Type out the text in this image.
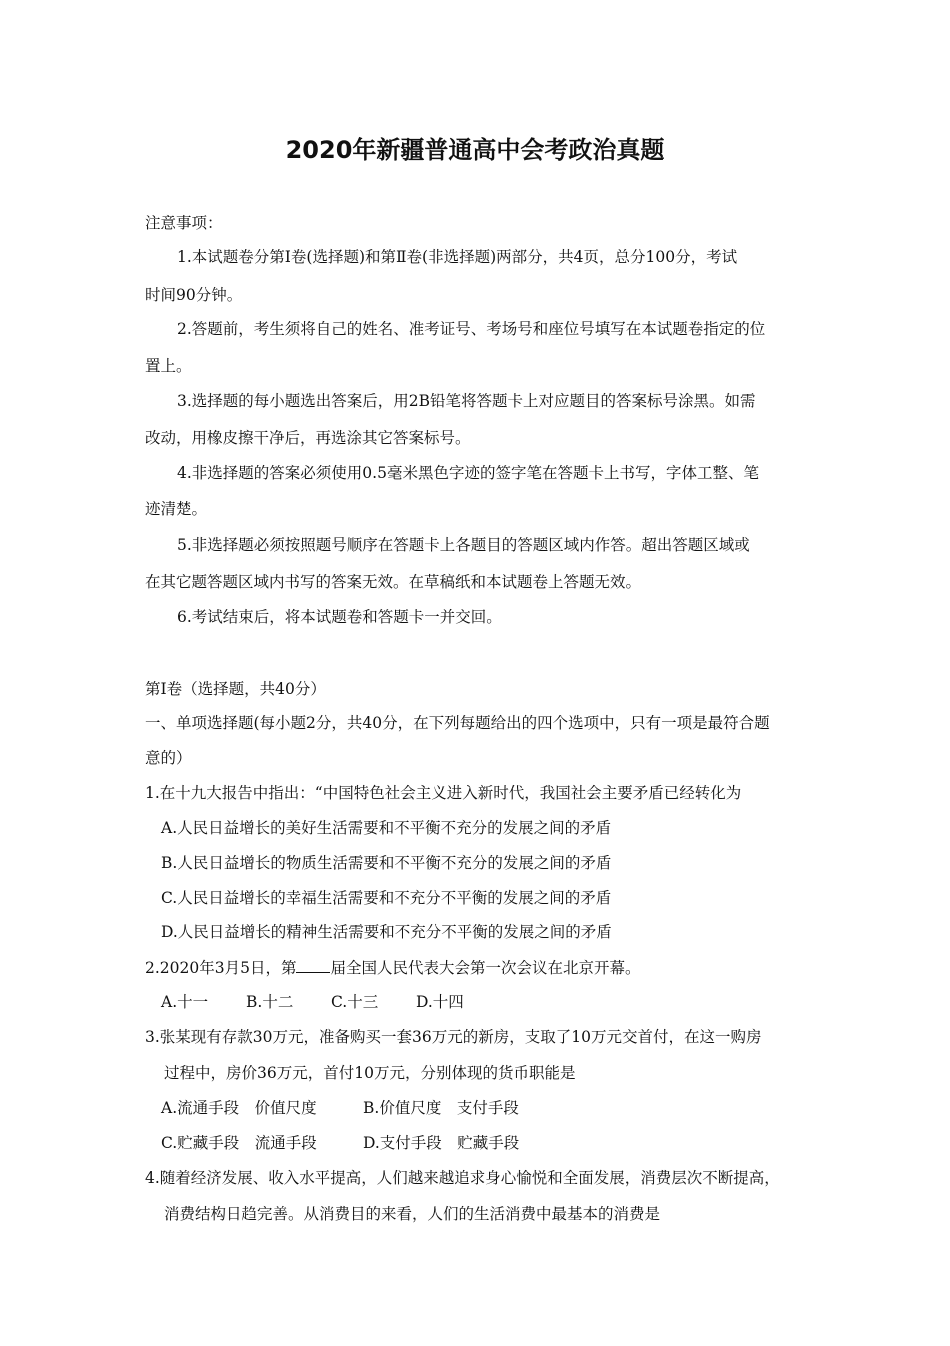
2020年新疆普通高中会考政治真题
注意事项：
1.本试题卷分第Ⅰ卷(选择题)和第Ⅱ卷(非选择题)两部分，共4页，总分100分，考试
时间90分钟。
2.答题前，考生须将自己的姓名、准考证号、考场号和座位号填写在本试题卷指定的位
置上。
3.选择题的每小题选出答案后，用2B铅笔将答题卡上对应题目的答案标号涂黑。如需
改动，用橡皮擦干净后，再选涂其它答案标号。
4.非选择题的答案必须使用0.5毫米黑色字迹的签字笔在答题卡上书写，字体工整、笔
迹清楚。
5.非选择题必须按照题号顺序在答题卡上各题目的答题区域内作答。超出答题区域或
在其它题答题区域内书写的答案无效。在草稿纸和本试题卷上答题无效。
6.考试结束后，将本试题卷和答题卡一并交回。
第Ⅰ卷（选择题，共40分）
一、单项选择题(每小题2分，共40分，在下列每题给出的四个选项中，只有一项是最符合题
意的）
1.在十九大报告中指出：“中国特色社会主义进入新时代，我国社会主要矛盾已经转化为
A.人民日益增长的美好生活需要和不平衡不充分的发展之间的矛盾
B.人民日益增长的物质生活需要和不平衡不充分的发展之间的矛盾
C.人民日益增长的幸福生活需要和不充分不平衡的发展之间的矛盾
D.人民日益增长的精神生活需要和不充分不平衡的发展之间的矛盾
2.2020年3月5日，第 届全国人民代表大会第一次会议在北京开幕。
A.十一 B.十二 C.十三 D.十四
3.张某现有存款30万元，准备购买一套36万元的新房，支取了10万元交首付，在这一购房
过程中，房价36万元，首付10万元，分别体现的货币职能是
A.流通手段　价值尺度	B.价值尺度　支付手段
C.贮藏手段　流通手段	D.支付手段　贮藏手段
4.随着经济发展、收入水平提高，人们越来越追求身心愉悦和全面发展，消费层次不断提高，
消费结构日趋完善。从消费目的来看，人们的生活消费中最基本的消费是
